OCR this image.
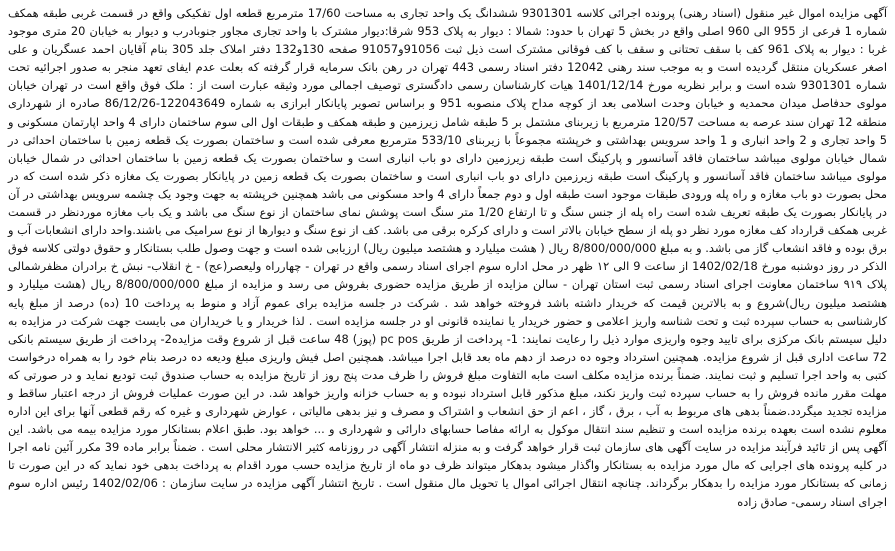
آگهی مزایده اموال غیر منقول (اسناد رهنی) پرونده اجرائی کلاسه 9301301 ششدانگ یک واحد تجاری به مساحت 17/60 مترمربع قطعه اول تفکیکی واقع در قسمت غربی طبقه همکف شماره 1 فرعی از 955 الی 960 اصلی واقع در بخش 5 تهران با حدود: شمالا : دیوار به پلاک 953 شرقا:دیوار مشترک با واحد تجاری مجاور جنوبادرب و دیوار به خیابان 20 متری موجود غربا : دیوار به پلاک 961 کف با سقف تحتانی و سقف با کف فوقانی مشترک است ذیل ثبت 91056و91057 صفحه 130و132 دفتر املاک جلد 305 بنام آقایان احمد عسگریان و علی اصغر عسکریان منتقل گردیده است و به موجب سند رهنی 12042 دفتر اسناد رسمی 443 تهران در رهن بانک سرمایه قرار گرفته که بعلت عدم ایفای تعهد منجر به صدور اجرائیه تحت شماره 9301301 شده است و برابر نظریه مورخ 1401/12/14 هیات کارشناسان رسمی دادگستری توصیف اجمالی مورد وثیقه عبارت است از : ملک فوق واقع است در تهران خیابان مولوی حدفاصل میدان محمدیه و خیابان وحدت اسلامی بعد از کوچه مداح پلاک منصوبه 951 و براساس تصویر پایانکار ابرازی به شماره 122043649-86/12/26 صادره از شهرداری منطقه 12 تهران سند عرصه به مساحت 120/57 مترمربع با زیربنای مشتمل بر 5 طبقه شامل زیرزمین و طبقه همکف و طبقات اول الی سوم ساختمان دارای 4 واحد اپارتمان مسکونی و 5 واحد تجاری و 2 واحد انباری و 1 واحد سرویس بهداشتی و خرپشته مجموعاً با زیربنای 533/10 مترمربع معرفی شده است و ساختمان بصورت یک قطعه زمین با ساختمان احداثی در شمال خیابان مولوی میباشد ساختمان فاقد آسانسور و پارکینگ است طبقه زیرزمین دارای دو باب انباری است و ساختمان بصورت یک قطعه زمین با ساختمان احداثی در شمال خیابان مولوی میباشد ساختمان فاقد آسانسور و پارکینگ است طبقه زیرزمین دارای دو باب انباری است و ساختمان بصورت یک قطعه زمین در پایانکار بصورت یک مغازه ذکر شده است که در محل بصورت دو باب مغازه و راه پله ورودی طبقات موجود است طبقه اول و دوم جمعاً دارای 4 واحد مسکونی می باشد همچنین خرپشته به جهت وجود یک چشمه سرویس بهداشتی در آن در پایانکار بصورت یک طبقه تعریف شده است راه پله از جنس سنگ و تا ارتفاع 1/20 متر سنگ است پوشش نمای ساختمان از نوع سنگ می باشد و یک باب مغازه موردنظر در قسمت غربی همکف قرارداد کف مغازه مورد نظر دو پله از سطح خیابان بالاتر است و دارای کرکره برقی می باشد. کف از نوع سنگ و دیوارها از نوع سرامیک می باشند.واحد دارای انشعابات آب و برق بوده و فاقد انشعاب گاز می باشد. و به مبلغ 8/800/000/000 ریال ( هشت میلیارد و هشتصد میلیون ریال) ارزیابی شده است و جهت وصول طلب بستانکار و حقوق دولتی کلاسه فوق الذکر در روز دوشنبه مورخ 1402/02/18 از ساعت 9 الی ۱۲ ظهر در محل اداره سوم اجرای اسناد رسمی واقع در تهران - چهارراه ولیعصر(عج) - خ انقلاب- نبش خ برادران مظفرشمالی پلاک ۹۱۹ ساختمان معاونت اجرای اسناد رسمی ثبت استان تهران - سالن مزایده از طریق مزایده حضوری بفروش می رسد و مزایده از مبلغ 8/800/000/000 ریال (هشت میلیارد و هشتصد میلیون ریال)شروع و به بالاترین قیمت که خریدار داشته باشد فروخته خواهد شد . شرکت در جلسه مزایده برای عموم آزاد و منوط به پرداخت 10 (ده) درصد از مبلغ پایه کارشناسی به حساب سپرده ثبت و تحت شناسه واریز اعلامی و حضور خریدار یا نماینده قانونی او در جلسه مزایده است . لذا خریدار و یا خریداران می بایست جهت شرکت در مزایده به دلیل سیستم بانک مرکزی برای تایید وجوه واریزی موارد ذیل را رعایت نمایند: 1- پرداخت از طریق pc pos (پوز) 48 ساعت قبل از شروع وقت مزایده2- پرداخت از طریق سیستم بانکی 72 ساعت اداری قبل از شروع مزایده. همچنین استرداد وجوه ده درصد از دهم ماه بعد قابل اجرا میباشد. همچنین اصل فیش واریزی مبلغ ودیعه ده درصد بنام خود را به همراه درخواست کتبی به واحد اجرا تسلیم و ثبت نمایند. ضمناً برنده مزایده مکلف است مابه التفاوت مبلغ فروش را ظرف مدت پنج روز از تاریخ مزایده به حساب صندوق ثبت تودیع نماید و در صورتی که مهلت مقرر مانده فروش را به حساب سپرده ثبت واریز نکند، مبلغ مذکور قابل استرداد نبوده و به حساب خزانه واریز خواهد شد. در این صورت عملیات فروش از درجه اعتبار ساقط و مزایده تجدید میگردد.ضمناً بدهی های مربوط به آب ، برق ، گاز ، اعم از حق انشعاب و اشتراک و مصرف و نیز بدهی مالیاتی ، عوارض شهرداری و غیره که رقم قطعی آنها برای این اداره معلوم نشده است بعهده برنده مزایده است و تنظیم سند انتقال موکول به ارائه مفاصا حسابهای دارائی و شهرداری و ... خواهد بود. طبق اعلام بستانکار مورد مزایده بیمه می باشد. این آگهی پس از تائید فرآیند مزایده در سایت آگهی های سازمان ثبت قرار خواهد گرفت و به منزله انتشار آگهی در روزنامه کثیر الانتشار محلی است . ضمناً برابر ماده 39 مکرر آئین نامه اجرا در کلیه پرونده های اجرایی که مال مورد مزایده به بستانکار واگذار میشود بدهکار میتواند ظرف دو ماه از تاریخ مزایده حسب مورد اقدام به پرداخت بدهی خود نماید که در این صورت تا زمانی که بستانکار مورد مزایده را بدهکار برگرداند. چنانچه انتقال اجرائی اموال یا تحویل مال منقول است . تاریخ انتشار آگهی مزایده در سایت سازمان : 1402/02/06 رئیس اداره سوم اجرای اسناد رسمی- صادق زاده
